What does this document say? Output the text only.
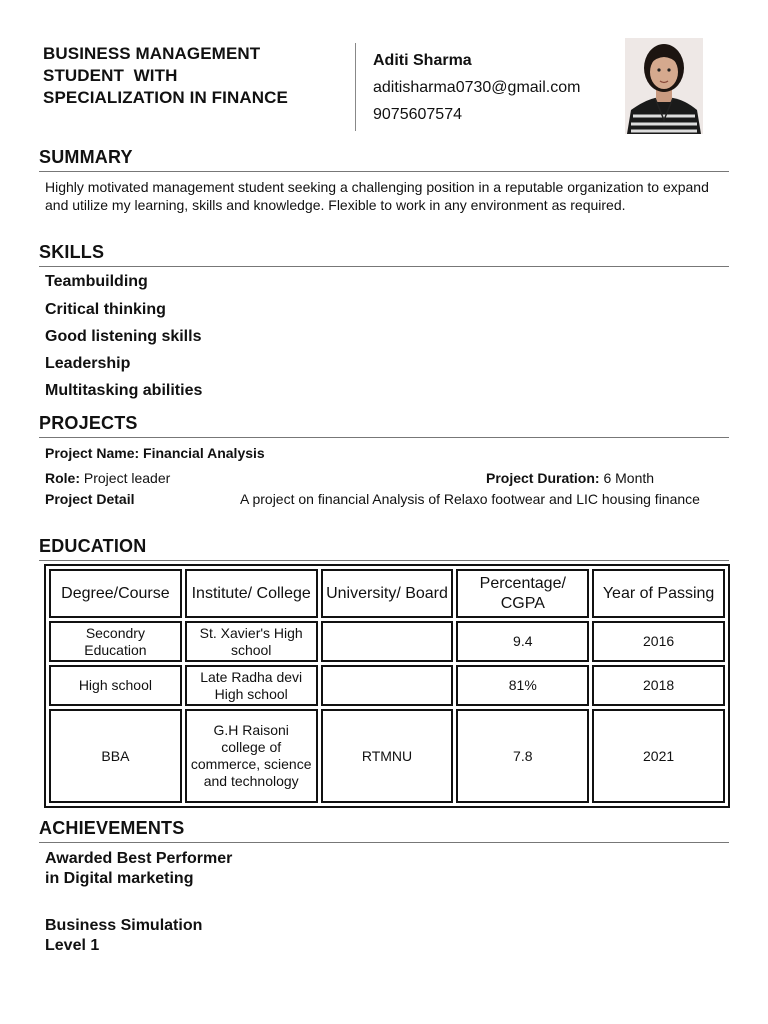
BUSINESS MANAGEMENT
STUDENT  WITH
SPECIALIZATION IN FINANCE
Aditi Sharma
aditisharma0730@gmail.com
9075607574
SUMMARY
Highly motivated management student seeking a challenging position in a reputable organization to expand and utilize my learning, skills and knowledge. Flexible to work in any environment as required.
SKILLS
Teambuilding
Critical thinking
Good listening skills
Leadership
Multitasking abilities
PROJECTS
Project Name: Financial Analysis
Role: Project leader	Project Duration: 6 Month
Project Detail	A project on financial Analysis of Relaxo footwear and LIC housing finance
EDUCATION
Degree/Course	Institute/ College	University/ Board	Percentage/ CGPA	Year of Passing
Secondry Education	St. Xavier's High school		9.4	2016
High school	Late Radha devi High school		81%	2018
BBA	G.H Raisoni college of commerce, science and technology	RTMNU	7.8	2021
ACHIEVEMENTS
Awarded Best Performer in Digital marketing
Business Simulation Level 1
